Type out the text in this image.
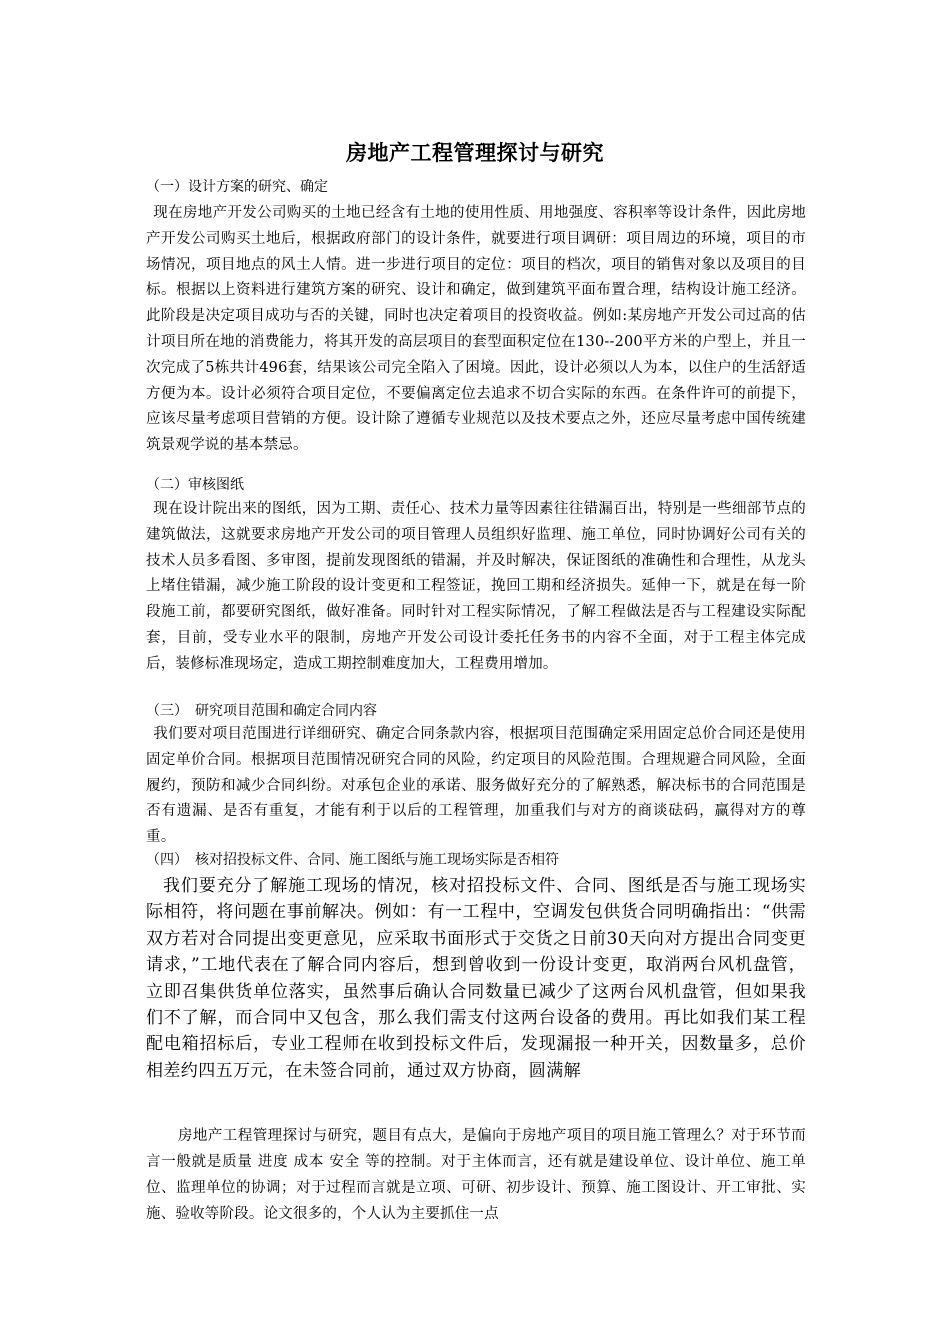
房地产工程管理探讨与研究
（一）设计方案的研究、确定
现在房地产开发公司购买的土地已经含有土地的使用性质、用地强度、容积率等设计条件，因此房地产开发公司购买土地后，根据政府部门的设计条件，就要进行项目调研：项目周边的环境，项目的市场情况，项目地点的风土人情。进一步进行项目的定位：项目的档次，项目的销售对象以及项目的目标。根据以上资料进行建筑方案的研究、设计和确定，做到建筑平面布置合理，结构设计施工经济。此阶段是决定项目成功与否的关键，同时也决定着项目的投资收益。例如:某房地产开发公司过高的估计项目所在地的消费能力，将其开发的高层项目的套型面积定位在130--200平方米的户型上，并且一次完成了5栋共计496套，结果该公司完全陷入了困境。因此，设计必须以人为本，以住户的生活舒适方便为本。设计必须符合项目定位，不要偏离定位去追求不切合实际的东西。在条件许可的前提下，应该尽量考虑项目营销的方便。设计除了遵循专业规范以及技术要点之外，还应尽量考虑中国传统建筑景观学说的基本禁忌。
（二）审核图纸
现在设计院出来的图纸，因为工期、责任心、技术力量等因素往往错漏百出，特别是一些细部节点的建筑做法，这就要求房地产开发公司的项目管理人员组织好监理、施工单位，同时协调好公司有关的技术人员多看图、多审图，提前发现图纸的错漏，并及时解决，保证图纸的准确性和合理性，从龙头上堵住错漏，减少施工阶段的设计变更和工程签证，挽回工期和经济损失。延伸一下，就是在每一阶段施工前，都要研究图纸，做好准备。同时针对工程实际情况，了解工程做法是否与工程建设实际配套，目前，受专业水平的限制，房地产开发公司设计委托任务书的内容不全面，对于工程主体完成后，装修标准现场定，造成工期控制难度加大，工程费用增加。
（三）　研究项目范围和确定合同内容
我们要对项目范围进行详细研究、确定合同条款内容，根据项目范围确定采用固定总价合同还是使用固定单价合同。根据项目范围情况研究合同的风险，约定项目的风险范围。合理规避合同风险，全面履约，预防和减少合同纠纷。对承包企业的承诺、服务做好充分的了解熟悉，解决标书的合同范围是否有遗漏、是否有重复，才能有利于以后的工程管理，加重我们与对方的商谈砝码，赢得对方的尊重。
（四）　核对招投标文件、合同、施工图纸与施工现场实际是否相符
我们要充分了解施工现场的情况，核对招投标文件、合同、图纸是否与施工现场实际相符，将问题在事前解决。例如：有一工程中，空调发包供货合同明确指出：“供需双方若对合同提出变更意见，应采取书面形式于交货之日前30天向对方提出合同变更请求，”工地代表在了解合同内容后，想到曾收到一份设计变更，取消两台风机盘管，立即召集供货单位落实，虽然事后确认合同数量已减少了这两台风机盘管，但如果我们不了解，而合同中又包含，那么我们需支付这两台设备的费用。再比如我们某工程配电箱招标后，专业工程师在收到投标文件后，发现漏报一种开关，因数量多，总价相差约四五万元，在未签合同前，通过双方协商，圆满解
房地产工程管理探讨与研究，题目有点大，是偏向于房地产项目的项目施工管理么？对于环节而言一般就是质量 进度 成本 安全 等的控制。对于主体而言，还有就是建设单位、设计单位、施工单位、监理单位的协调；对于过程而言就是立项、可研、初步设计、预算、施工图设计、开工审批、实施、验收等阶段。论文很多的，个人认为主要抓住一点
